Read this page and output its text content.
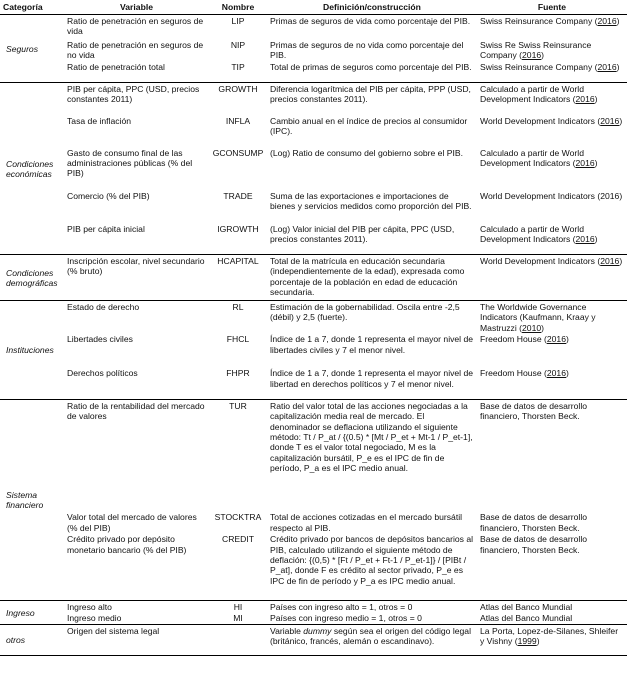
Categoría	Variable	Nombre	Definición/construcción	Fuente
Seguros	Ratio de penetración en seguros de vida	LIP	Primas de seguros de vida como porcentaje del PIB.	Swiss Reinsurance Company (2016)
	Ratio de penetración en seguros de no vida	NIP	Primas de seguros de no vida como porcentaje del PIB.	Swiss Re Swiss Reinsurance Company (2016)
	Ratio de penetración total	TIP	Total de primas de seguros como porcentaje del PIB.	Swiss Reinsurance Company (2016)
Condiciones económicas	PIB per cápita, PPC (USD, precios constantes 2011)	GROWTH	Diferencia logarítmica del PIB per cápita, PPP (USD, precios constantes 2011).	Calculado a partir de World Development Indicators (2016)
	Tasa de inflación	INFLA	Cambio anual en el índice de precios al consumidor (IPC).	World Development Indicators (2016)
	Gasto de consumo final de las administraciones públicas (% del PIB)	GCONSUMP	(Log) Ratio de consumo del gobierno sobre el PIB.	Calculado a partir de World Development Indicators (2016)
	Comercio (% del PIB)	TRADE	Suma de las exportaciones e importaciones de bienes y servicios medidos como proporción del PIB.	World Development Indicators (2016)
	PIB per cápita inicial	IGROWTH	(Log) Valor inicial del PIB per cápita, PPC (USD, precios constantes 2011).	Calculado a partir de World Development Indicators (2016)
Condiciones demográficas	Inscripción escolar, nivel secundario (% bruto)	HCAPITAL	Total de la matrícula en educación secundaria (independientemente de la edad), expresada como porcentaje de la población en edad de educación secundaria.	World Development Indicators (2016)
Instituciones	Estado de derecho	RL	Estimación de la gobernabilidad. Oscila entre -2,5 (débil) y 2,5 (fuerte).	The Worldwide Governance Indicators (Kaufmann, Kraay y Mastruzzi (2010)
	Libertades civiles	FHCL	Índice de 1 a 7, donde 1 representa el mayor nivel de libertades civiles y 7 el menor nivel.	Freedom House (2016)
	Derechos políticos	FHPR	Índice de 1 a 7, donde 1 representa el mayor nivel de libertad en derechos políticos y 7 el menor nivel.	Freedom House (2016)
Sistema financiero	Ratio de la rentabilidad del mercado de valores	TUR	Ratio del valor total de las acciones negociadas a la capitalización media real de mercado. El denominador se deflaciona utilizando el siguiente método: Tt / P_at / {(0.5) * [Mt / P_et + Mt-1 / P_et-1], donde T es el valor total negociado, M es la capitalización bursátil, P_e es el IPC de fin de período, P_a es el IPC medio anual.	Base de datos de desarrollo financiero, Thorsten Beck.
	Valor total del mercado de valores (% del PIB)	STOCKTRA	Total de acciones cotizadas en el mercado bursátil respecto al PIB.	Base de datos de desarrollo financiero, Thorsten Beck.
	Crédito privado por depósito monetario bancario (% del PIB)	CREDIT	Crédito privado por bancos de depósitos bancarios al PIB, calculado utilizando el siguiente método de deflación: {(0,5) * [Ft / P_et + Ft-1 / P_et-1]} / [PIBt / P_at], donde F es crédito al sector privado, P_e es IPC de fin de período y P_a es IPC medio anual.	Base de datos de desarrollo financiero, Thorsten Beck.
Ingreso	Ingreso alto	HI	Países con ingreso alto = 1, otros = 0	Atlas del Banco Mundial
	Ingreso medio	MI	Países con ingreso medio = 1, otros = 0	Atlas del Banco Mundial
otros	Origen del sistema legal		Variable dummy según sea el origen del código legal (británico, francés, alemán o escandinavo).	La Porta, Lopez-de-Silanes, Shleifer y Vishny (1999)
